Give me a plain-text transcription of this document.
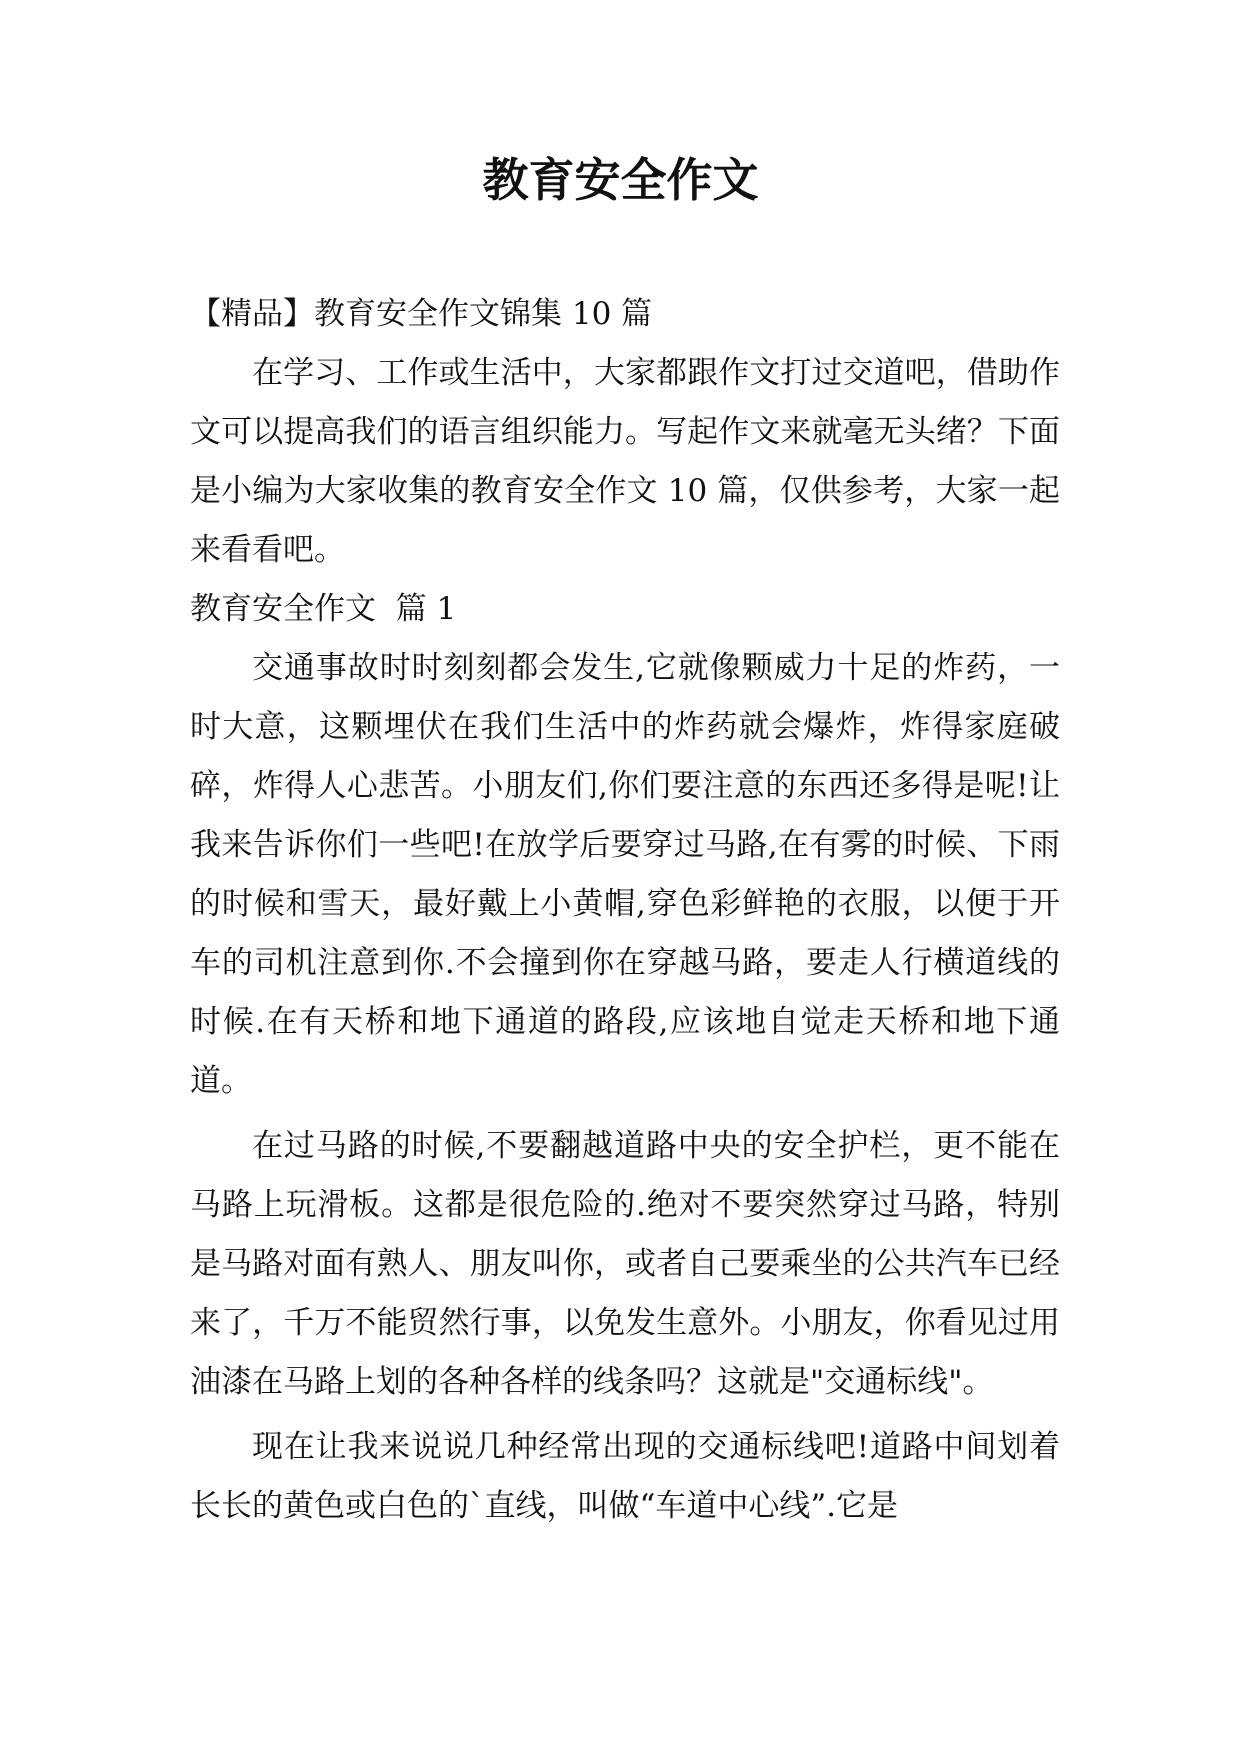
教育安全作文

【精品】教育安全作文锦集 10 篇

在学习、工作或生活中，大家都跟作文打过交道吧，借助作文可以提高我们的语言组织能力。写起作文来就毫无头绪？下面是小编为大家收集的教育安全作文 10 篇，仅供参考，大家一起来看看吧。

教育安全作文  篇 1

交通事故时时刻刻都会发生,它就像颗威力十足的炸药，一时大意，这颗埋伏在我们生活中的炸药就会爆炸，炸得家庭破碎，炸得人心悲苦。小朋友们,你们要注意的东西还多得是呢!让我来告诉你们一些吧!在放学后要穿过马路,在有雾的时候、下雨的时候和雪天，最好戴上小黄帽,穿色彩鲜艳的衣服，以便于开车的司机注意到你.不会撞到你在穿越马路，要走人行横道线的时候.在有天桥和地下通道的路段,应该地自觉走天桥和地下通道。

在过马路的时候,不要翻越道路中央的安全护栏，更不能在马路上玩滑板。这都是很危险的.绝对不要突然穿过马路，特别是马路对面有熟人、朋友叫你，或者自己要乘坐的公共汽车已经来了，千万不能贸然行事，以免发生意外。小朋友，你看见过用油漆在马路上划的各种各样的线条吗？这就是"交通标线"。

现在让我来说说几种经常出现的交通标线吧!道路中间划着长长的黄色或白色的`直线，叫做“车道中心线”.它是
